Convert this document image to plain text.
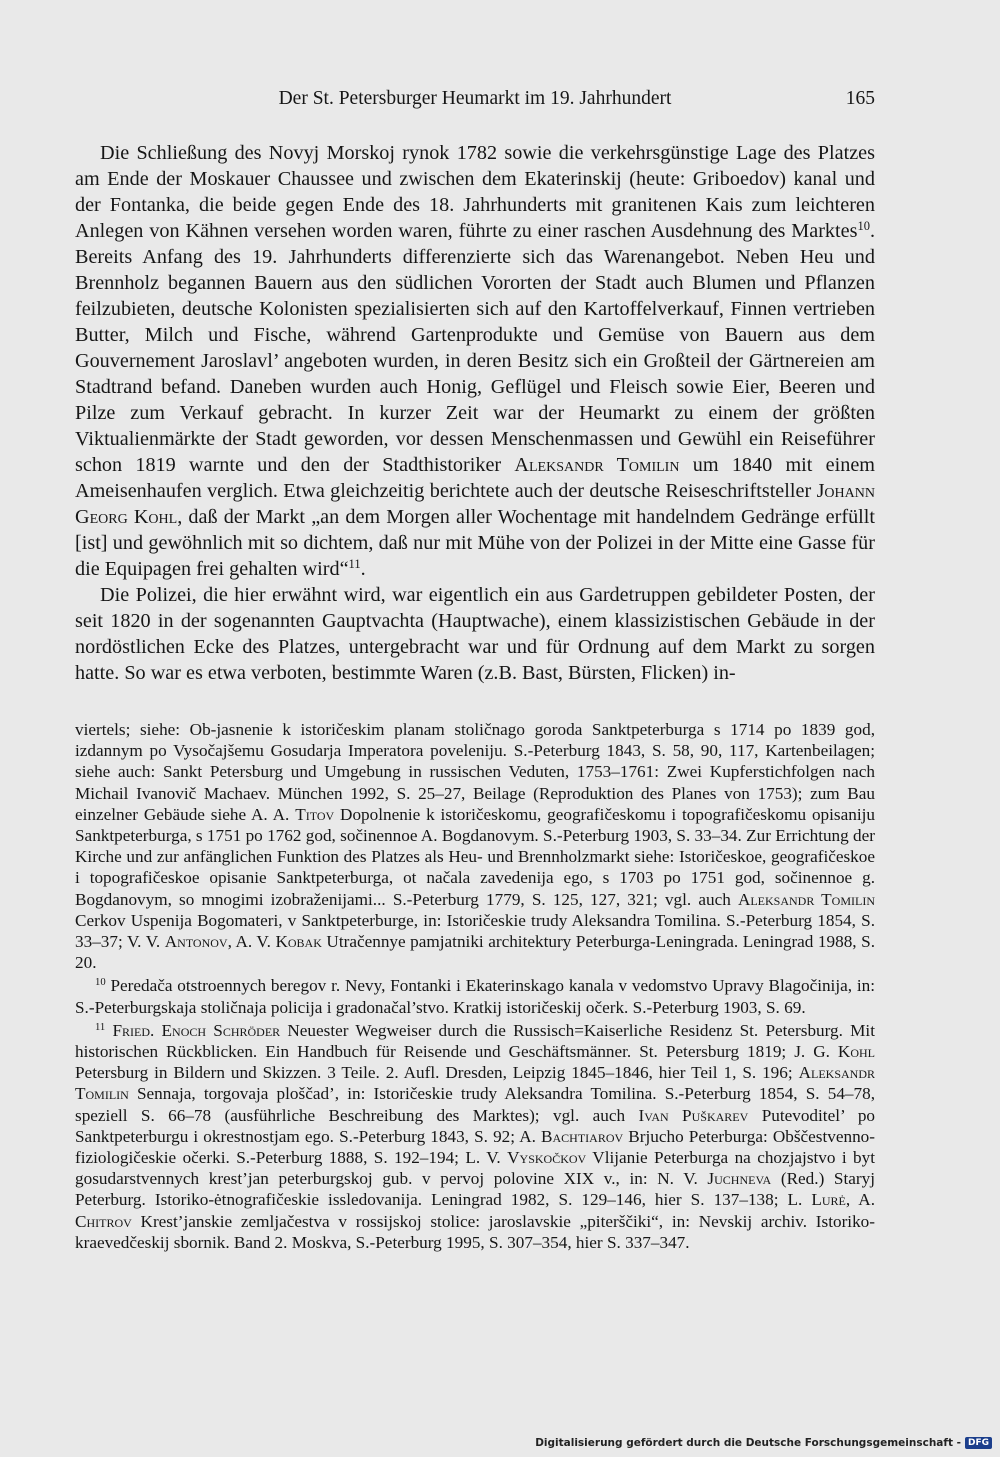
Der St. Petersburger Heumarkt im 19. Jahrhundert	165

Die Schließung des Novyj Morskoj rynok 1782 sowie die verkehrsgünstige Lage des Platzes am Ende der Moskauer Chaussee und zwischen dem Ekaterinskij (heute: Griboedov) kanal und der Fontanka, die beide gegen Ende des 18. Jahrhunderts mit granitenen Kais zum leichteren Anlegen von Kähnen versehen worden waren, führte zu einer raschen Ausdehnung des Marktes$^{10}$. Bereits Anfang des 19. Jahrhunderts differenzierte sich das Warenangebot. Neben Heu und Brennholz begannen Bauern aus den südlichen Vororten der Stadt auch Blumen und Pflanzen feilzubieten, deutsche Kolonisten spezialisierten sich auf den Kartoffelverkauf, Finnen vertrieben Butter, Milch und Fische, während Gartenprodukte und Gemüse von Bauern aus dem Gouvernement Jaroslavl’ angeboten wurden, in deren Besitz sich ein Großteil der Gärtnereien am Stadtrand befand. Daneben wurden auch Honig, Geflügel und Fleisch sowie Eier, Beeren und Pilze zum Verkauf gebracht. In kurzer Zeit war der Heumarkt zu einem der größten Viktualienmärkte der Stadt geworden, vor dessen Menschenmassen und Gewühl ein Reiseführer schon 1819 warnte und den der Stadthistoriker Aleksandr Tomilin um 1840 mit einem Ameisenhaufen verglich. Etwa gleichzeitig berichtete auch der deutsche Reiseschriftsteller Johann Georg Kohl, daß der Markt „an dem Morgen aller Wochentage mit handelndem Gedränge erfüllt [ist] und gewöhnlich mit so dichtem, daß nur mit Mühe von der Polizei in der Mitte eine Gasse für die Equipagen frei gehalten wird“$^{11}$.

Die Polizei, die hier erwähnt wird, war eigentlich ein aus Gardetruppen gebildeter Posten, der seit 1820 in der sogenannten Gauptvachta (Hauptwache), einem klassizistischen Gebäude in der nordöstlichen Ecke des Platzes, untergebracht war und für Ordnung auf dem Markt zu sorgen hatte. So war es etwa verboten, bestimmte Waren (z.B. Bast, Bürsten, Flicken) in-

viertels; siehe: Ob-jasnenie k istoričeskim planam stoličnago goroda Sanktpeterburga s 1714 po 1839 god, izdannym po Vysočajšemu Gosudarja Imperatora poveleniju. S.-Peterburg 1843, S. 58, 90, 117, Kartenbeilagen; siehe auch: Sankt Petersburg und Umgebung in russischen Veduten, 1753–1761: Zwei Kupferstichfolgen nach Michail Ivanovič Machaev. München 1992, S. 25–27, Beilage (Reproduktion des Planes von 1753); zum Bau einzelner Gebäude siehe A. A. Titov Dopolnenie k istoričeskomu, geografičeskomu i topografičeskomu opisaniju Sanktpeterburga, s 1751 po 1762 god, sočinennoe A. Bogdanovym. S.-Peterburg 1903, S. 33–34. Zur Errichtung der Kirche und zur anfänglichen Funktion des Platzes als Heu- und Brennholzmarkt siehe: Istoričeskoe, geografičeskoe i topografičeskoe opisanie Sanktpeterburga, ot načala zavedenija ego, s 1703 po 1751 god, sočinennoe g. Bogdanovym, so mnogimi izobraženijami... S.-Peterburg 1779, S. 125, 127, 321; vgl. auch Aleksandr Tomilin Cerkov Uspenija Bogomateri, v Sanktpeterburge, in: Istoričeskie trudy Aleksandra Tomilina. S.-Peterburg 1854, S. 33–37; V. V. Antonov, A. V. Kobak Utračennye pamjatniki architektury Peterburga-Leningrada. Leningrad 1988, S. 20.

$^{10}$ Peredača otstroennych beregov r. Nevy, Fontanki i Ekaterinskago kanala v vedomstvo Upravy Blagočinija, in: S.-Peterburgskaja stoličnaja policija i gradonačal’stvo. Kratkij istoričeskij očerk. S.-Peterburg 1903, S. 69.

$^{11}$ Fried. Enoch Schröder Neuester Wegweiser durch die Russisch=Kaiserliche Residenz St. Petersburg. Mit historischen Rückblicken. Ein Handbuch für Reisende und Geschäftsmänner. St. Petersburg 1819; J. G. Kohl Petersburg in Bildern und Skizzen. 3 Teile. 2. Aufl. Dresden, Leipzig 1845–1846, hier Teil 1, S. 196; Aleksandr Tomilin Sennaja, torgovaja ploščad’, in: Istoričeskie trudy Aleksandra Tomilina. S.-Peterburg 1854, S. 54–78, speziell S. 66–78 (ausführliche Beschreibung des Marktes); vgl. auch Ivan Puškarev Putevoditel’ po Sanktpeterburgu i okrestnostjam ego. S.-Peterburg 1843, S. 92; A. Bachtiarov Brjucho Peterburga: Obščestvenno-fiziologičeskie očerki. S.-Peterburg 1888, S. 192–194; L. V. Vyskočkov Vlijanie Peterburga na chozjajstvo i byt gosudarstvennych krest’jan peterburgskoj gub. v pervoj polovine XIX v., in: N. V. Juchneva (Red.) Staryj Peterburg. Istoriko-ėtnografičeskie issledovanija. Leningrad 1982, S. 129–146, hier S. 137–138; L. Lurė, A. Chitrov Krest’janskie zemljačestva v rossijskoj stolice: jaroslavskie „piterščiki“, in: Nevskij archiv. Istoriko-kraevedčeskij sbornik. Band 2. Moskva, S.-Peterburg 1995, S. 307–354, hier S. 337–347.

Digitalisierung gefördert durch die Deutsche Forschungsgemeinschaft - DFG
